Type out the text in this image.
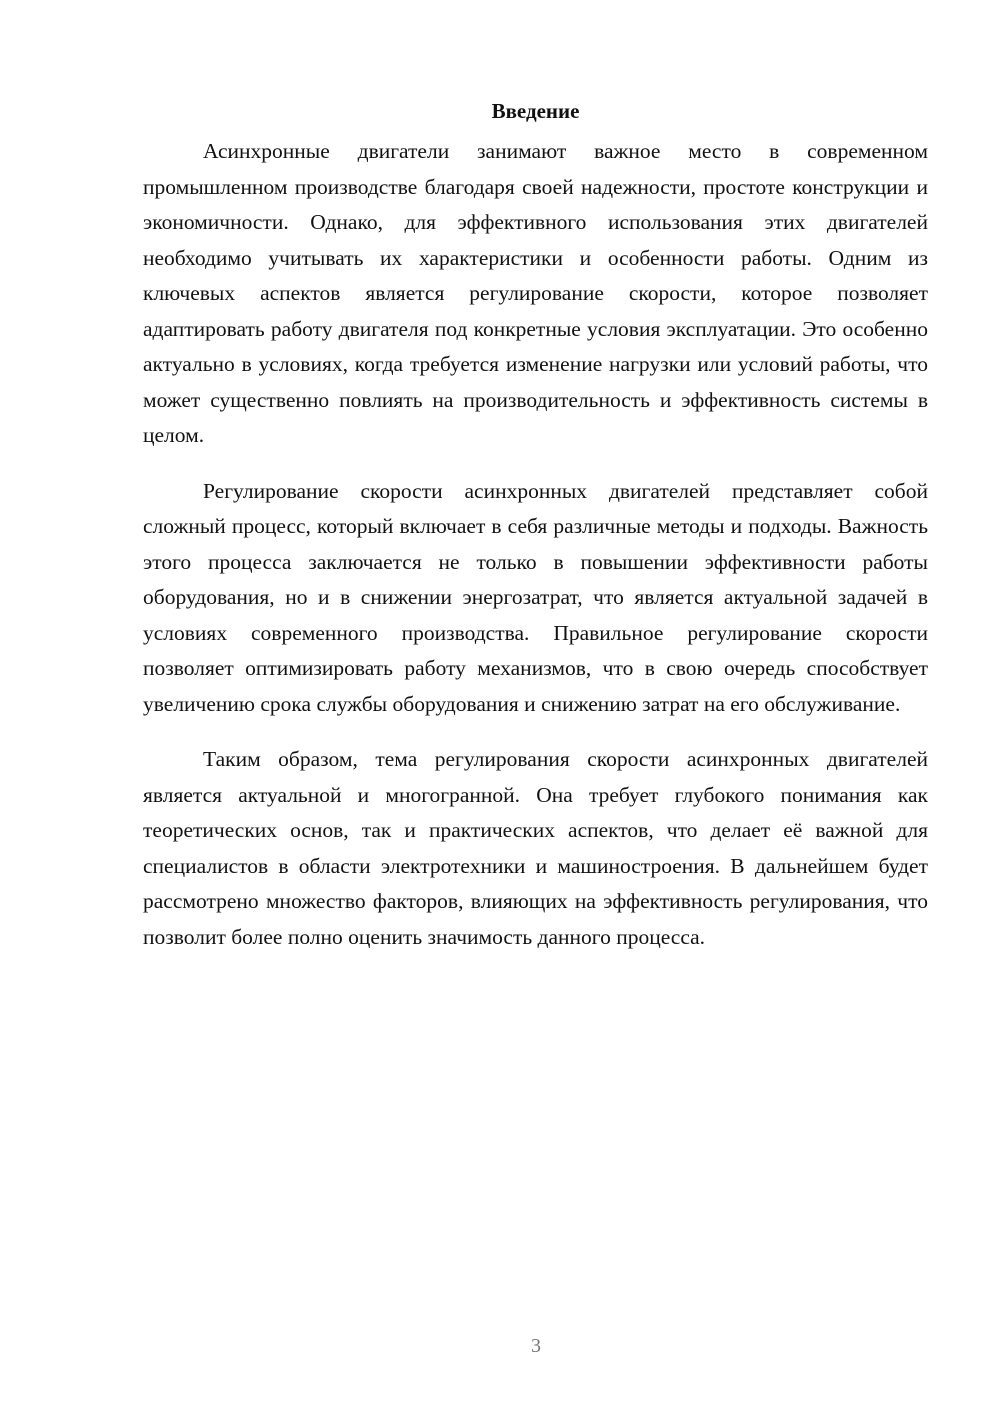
Введение

Асинхронные двигатели занимают важное место в современном промышленном производстве благодаря своей надежности, простоте конструкции и экономичности. Однако, для эффективного использования этих двигателей необходимо учитывать их характеристики и особенности работы. Одним из ключевых аспектов является регулирование скорости, которое позволяет адаптировать работу двигателя под конкретные условия эксплуатации. Это особенно актуально в условиях, когда требуется изменение нагрузки или условий работы, что может существенно повлиять на производительность и эффективность системы в целом.

Регулирование скорости асинхронных двигателей представляет собой сложный процесс, который включает в себя различные методы и подходы. Важность этого процесса заключается не только в повышении эффективности работы оборудования, но и в снижении энергозатрат, что является актуальной задачей в условиях современного производства. Правильное регулирование скорости позволяет оптимизировать работу механизмов, что в свою очередь способствует увеличению срока службы оборудования и снижению затрат на его обслуживание.

Таким образом, тема регулирования скорости асинхронных двигателей является актуальной и многогранной. Она требует глубокого понимания как теоретических основ, так и практических аспектов, что делает её важной для специалистов в области электротехники и машиностроения. В дальнейшем будет рассмотрено множество факторов, влияющих на эффективность регулирования, что позволит более полно оценить значимость данного процесса.

3
